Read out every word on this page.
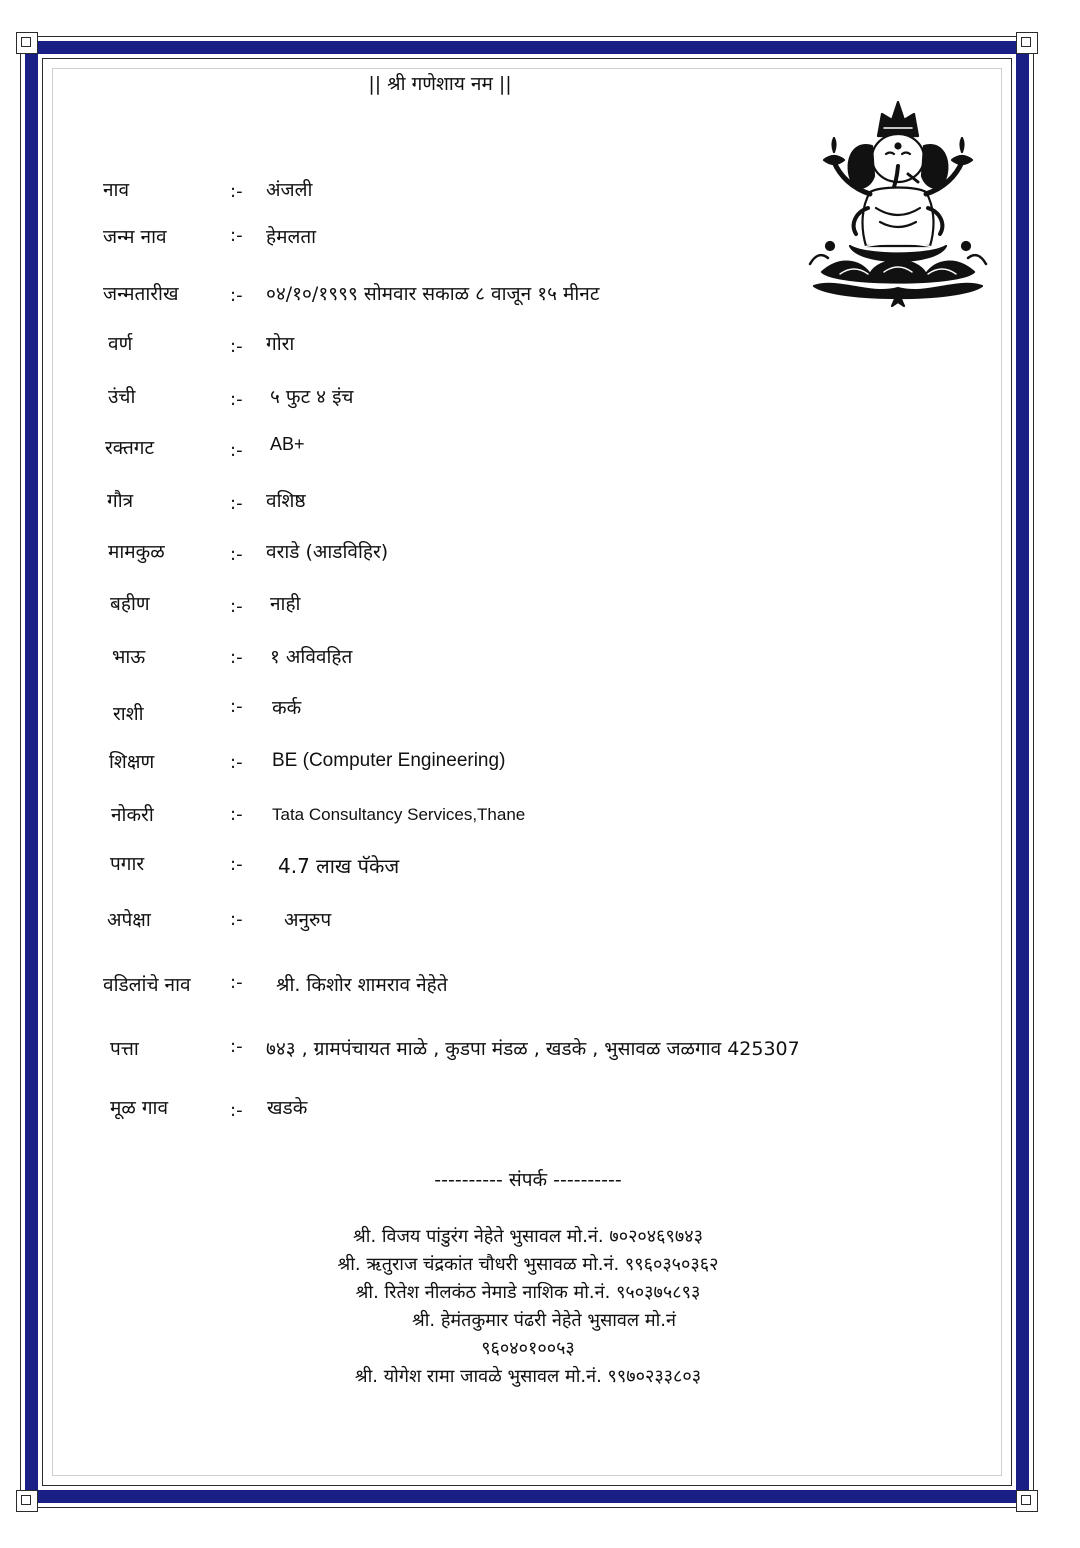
|| श्री गणेशाय नम ||
नाव	:- अंजली
जन्म नाव	:- हेमलता
जन्मतारीख	:- ०४/१०/१९९९ सोमवार सकाळ ८ वाजून १५ मीनट
वर्ण	:- गोरा
उंची	:- ५ फुट ४ इंच
रक्तगट	:- AB+
गौत्र	:- वशिष्ठ
मामकुळ	:- वराडे (आडविहिर)
बहीण	:- नाही
भाऊ	:- १ अविवहित
राशी	:- कर्क
शिक्षण	:- BE (Computer Engineering)
नोकरी	:- Tata Consultancy Services,Thane
पगार	:- 4.7 लाख पॅकेज
अपेक्षा	:- अनुरुप
वडिलांचे नाव :- श्री. किशोर शामराव नेहेते
पत्ता	:- ७४३ , ग्रामपंचायत माळे , कुडपा मंडळ , खडके , भुसावळ जळगाव 425307
मूळ गाव	:- खडके
---------- संपर्क ----------
श्री. विजय पांडुरंग नेहेते भुसावल मो.नं. ७०२०४६९७४३
श्री. ऋतुराज चंद्रकांत चौधरी भुसावळ मो.नं. ९९६०३५०३६२
श्री. रितेश नीलकंठ नेमाडे नाशिक मो.नं. ९५०३७५८९३
श्री. हेमंतकुमार पंढरी नेहेते भुसावल मो.नं
९६०४०१००५३
श्री. योगेश रामा जावळे भुसावल मो.नं. ९९७०२३३८०३
